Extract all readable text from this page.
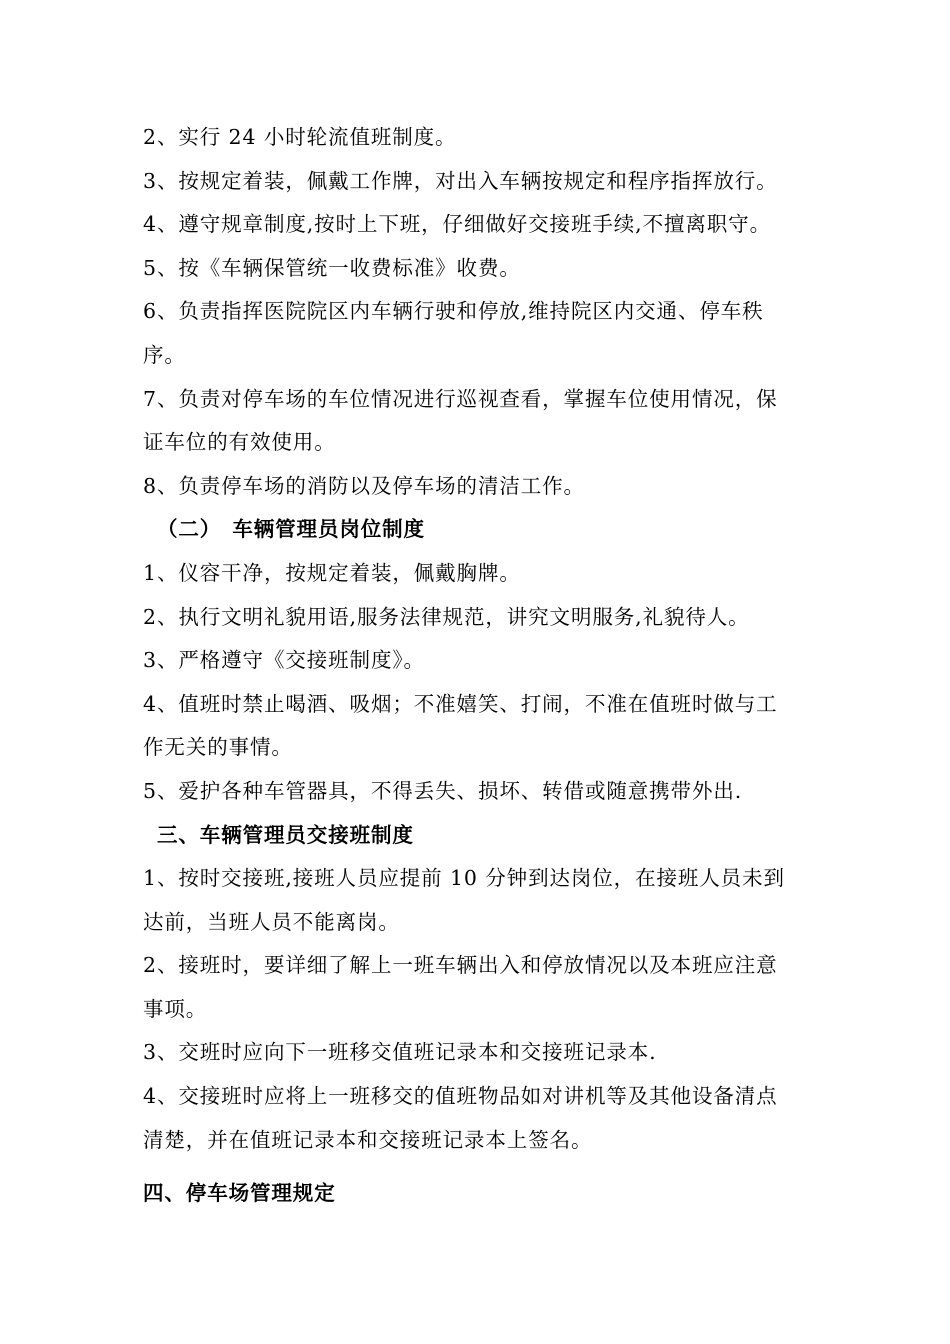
2、实行 24 小时轮流值班制度。
3、按规定着装，佩戴工作牌，对出入车辆按规定和程序指挥放行。
4、遵守规章制度,按时上下班，仔细做好交接班手续,不擅离职守。
5、按《车辆保管统一收费标准》收费。
6、负责指挥医院院区内车辆行驶和停放,维持院区内交通、停车秩
序。
7、负责对停车场的车位情况进行巡视查看，掌握车位使用情况，保
证车位的有效使用。
8、负责停车场的消防以及停车场的清洁工作。
（二）　车辆管理员岗位制度
1、仪容干净，按规定着装，佩戴胸牌。
2、执行文明礼貌用语,服务法律规范，讲究文明服务,礼貌待人。
3、严格遵守《交接班制度》。
4、值班时禁止喝酒、吸烟；不准嬉笑、打闹，不准在值班时做与工
作无关的事情。
5、爱护各种车管器具，不得丢失、损坏、转借或随意携带外出.
三、车辆管理员交接班制度
1、按时交接班,接班人员应提前 10 分钟到达岗位，在接班人员未到
达前，当班人员不能离岗。
2、接班时，要详细了解上一班车辆出入和停放情况以及本班应注意
事项。
3、交班时应向下一班移交值班记录本和交接班记录本.
4、交接班时应将上一班移交的值班物品如对讲机等及其他设备清点
清楚，并在值班记录本和交接班记录本上签名。
四、停车场管理规定
